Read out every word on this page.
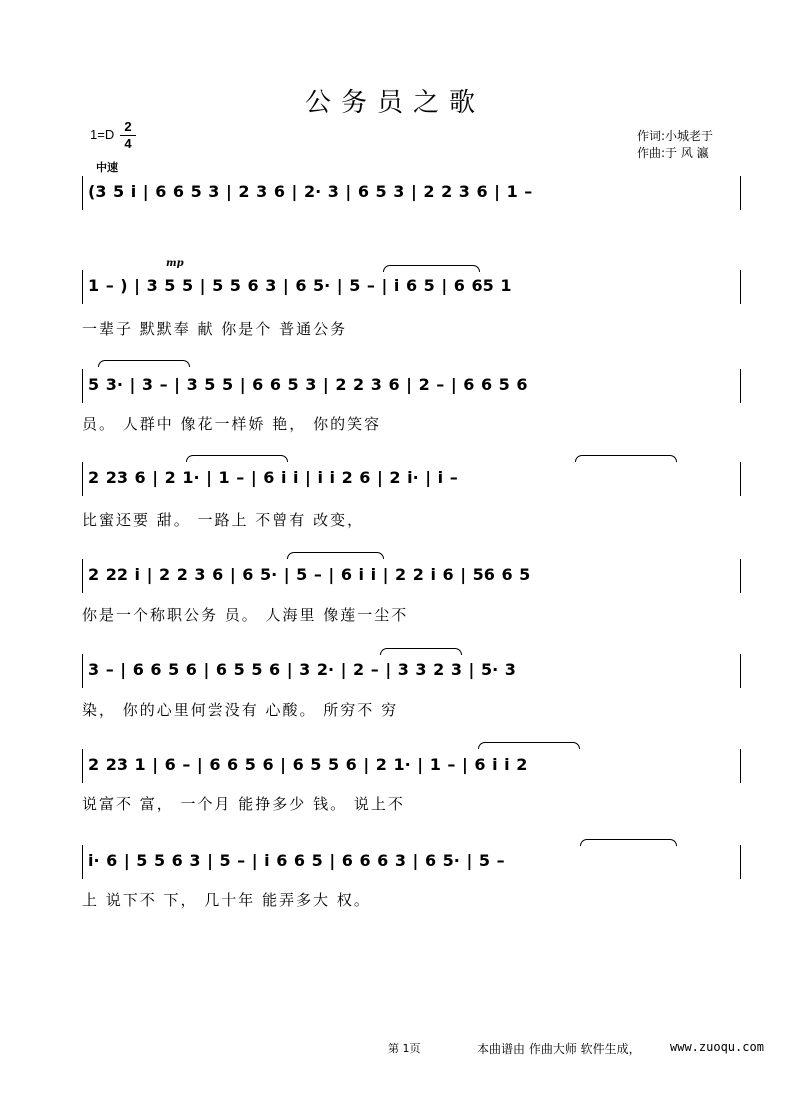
公务员之歌
1=D
2
4
中速
作词:小城老于
作曲:于 风 瀛
mp
(3 5 i | 6 6 5 3 | 2 3 6 | 2· 3 | 6 5 3 | 2 2 3 6 | 1 –
1 – ) | 3 5 5 | 5 5 6 3 | 6 5· | 5 – | i 6 5 | 6 65 1
一辈子 默默奉 献 你是个 普通公务
5 3· | 3 – | 3 5 5 | 6 6 5 3 | 2 2 3 6 | 2 – | 6 6 5 6
员。 人群中 像花一样娇 艳， 你的笑容
2 23 6 | 2 1· | 1 – | 6 i i | i i 2 6 | 2 i· | i –
比蜜还要 甜。 一路上 不曾有 改变，
2 22 i | 2 2 3 6 | 6 5· | 5 – | 6 i i | 2 2 i 6 | 56 6 5
你是一个称职公务 员。 人海里 像莲一尘不
3 – | 6 6 5 6 | 6 5 5 6 | 3 2· | 2 – | 3 3 2 3 | 5· 3
染， 你的心里何尝没有 心酸。 所穷不 穷
2 23 1 | 6 – | 6 6 5 6 | 6 5 5 6 | 2 1· | 1 – | 6 i i 2
说富不 富， 一个月 能挣多少 钱。 说上不
i· 6 | 5 5 6 3 | 5 – | i 6 6 5 | 6 6 6 3 | 6 5· | 5 –
上 说下不 下， 几十年 能弄多大 权。
第 1页	本曲谱由 作曲大师 软件生成， www.zuoqu.com
